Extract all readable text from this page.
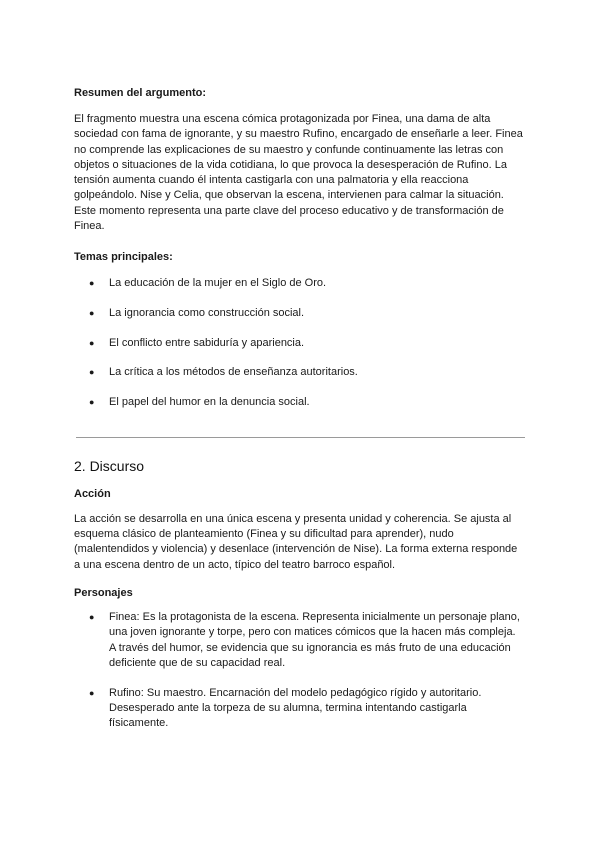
Resumen del argumento:

El fragmento muestra una escena cómica protagonizada por Finea, una dama de alta sociedad con fama de ignorante, y su maestro Rufino, encargado de enseñarle a leer. Finea no comprende las explicaciones de su maestro y confunde continuamente las letras con objetos o situaciones de la vida cotidiana, lo que provoca la desesperación de Rufino. La tensión aumenta cuando él intenta castigarla con una palmatoria y ella reacciona golpeándolo. Nise y Celia, que observan la escena, intervienen para calmar la situación. Este momento representa una parte clave del proceso educativo y de transformación de Finea.

Temas principales:

● La educación de la mujer en el Siglo de Oro.
● La ignorancia como construcción social.
● El conflicto entre sabiduría y apariencia.
● La crítica a los métodos de enseñanza autoritarios.
● El papel del humor en la denuncia social.
2. Discurso

Acción

La acción se desarrolla en una única escena y presenta unidad y coherencia. Se ajusta al esquema clásico de planteamiento (Finea y su dificultad para aprender), nudo (malentendidos y violencia) y desenlace (intervención de Nise). La forma externa responde a una escena dentro de un acto, típico del teatro barroco español.

Personajes

● Finea: Es la protagonista de la escena. Representa inicialmente un personaje plano, una joven ignorante y torpe, pero con matices cómicos que la hacen más compleja. A través del humor, se evidencia que su ignorancia es más fruto de una educación deficiente que de su capacidad real.
● Rufino: Su maestro. Encarnación del modelo pedagógico rígido y autoritario. Desesperado ante la torpeza de su alumna, termina intentando castigarla físicamente.
